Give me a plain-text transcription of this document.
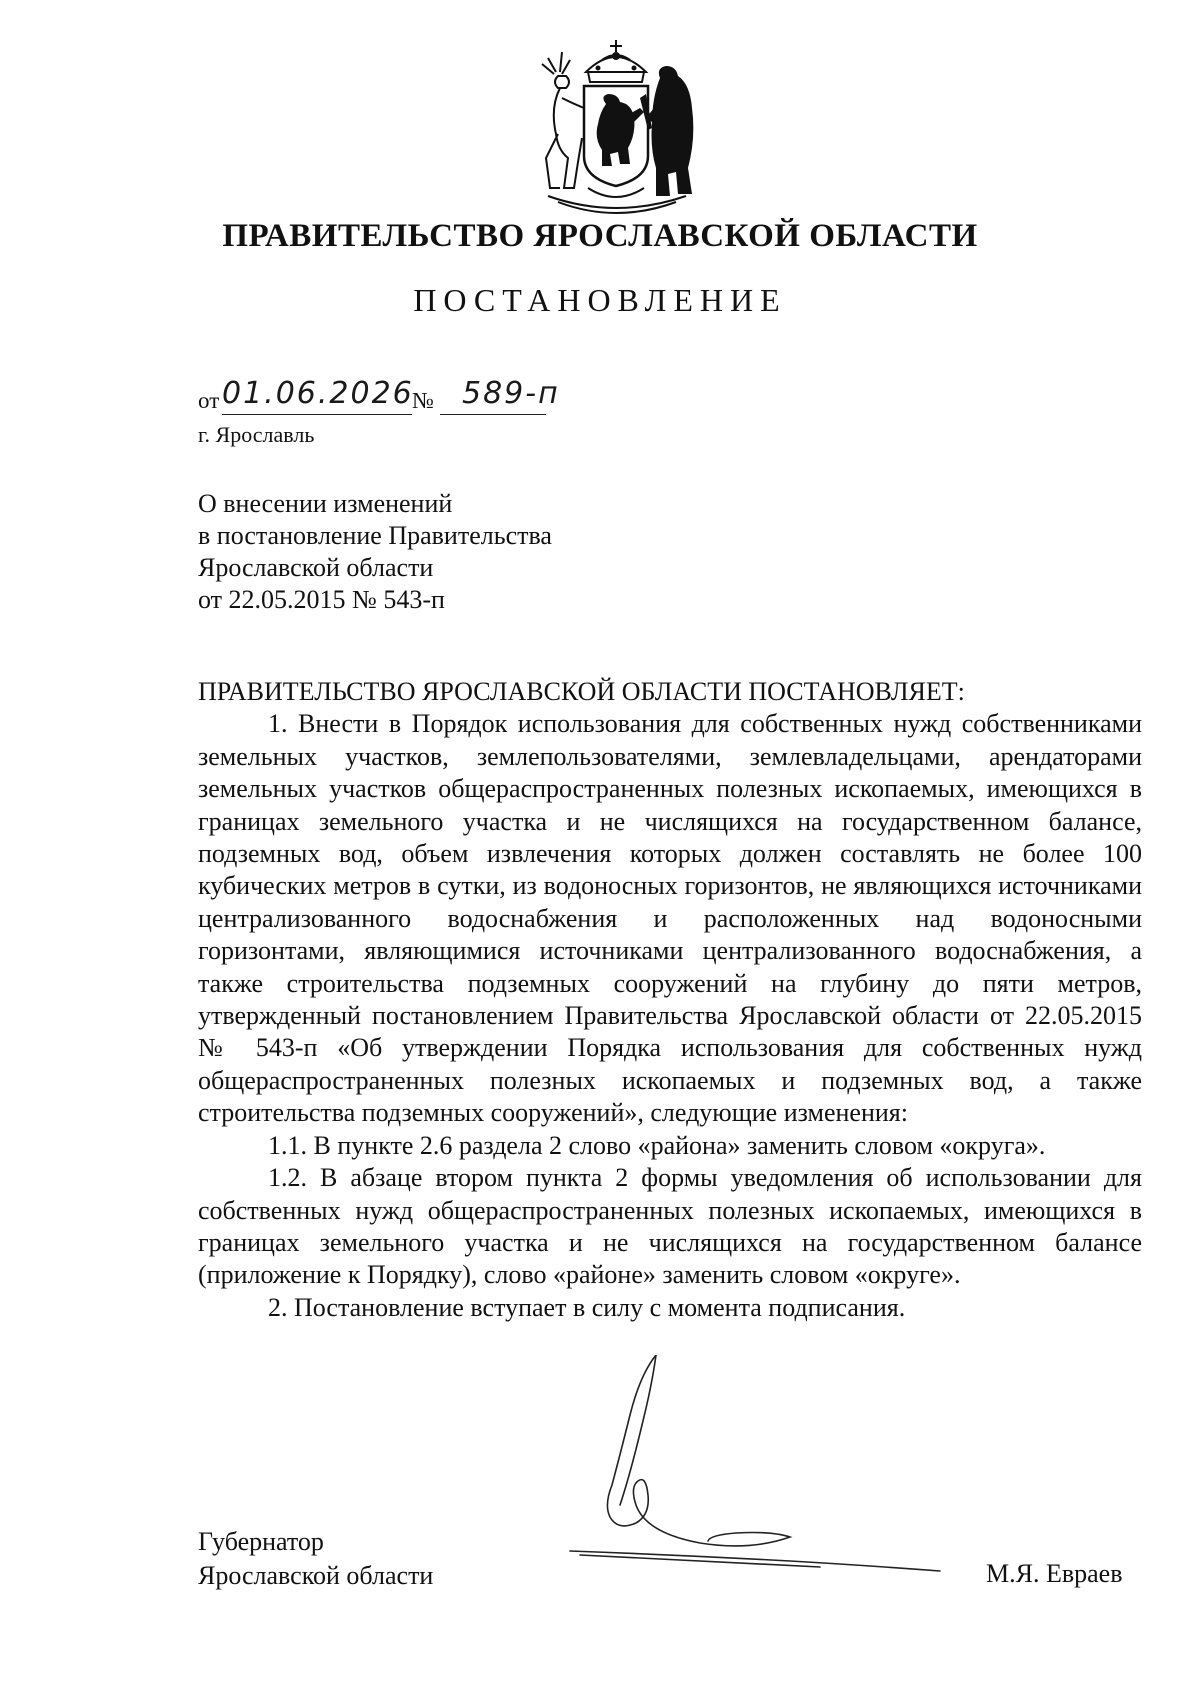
ПРАВИТЕЛЬСТВО ЯРОСЛАВСКОЙ ОБЛАСТИ
ПОСТАНОВЛЕНИЕ
от 01.06.2026
№ 589-п
г. Ярославль
О внесении изменений
в постановление Правительства
Ярославской области
от 22.05.2015 № 543-п

ПРАВИТЕЛЬСТВО ЯРОСЛАВСКОЙ ОБЛАСТИ ПОСТАНОВЛЯЕТ:

1. Внести в Порядок использования для собственных нужд собственниками земельных участков, землепользователями, землевладельцами, арендаторами земельных участков общераспространенных полезных ископаемых, имеющихся в границах земельного участка и не числящихся на государственном балансе, подземных вод, объем извлечения которых должен составлять не более 100 кубических метров в сутки, из водоносных горизонтов, не являющихся источниками централизованного водоснабжения и расположенных над водоносными горизонтами, являющимися источниками централизованного водоснабжения, а также строительства подземных сооружений на глубину до пяти метров, утвержденный постановлением Правительства Ярославской области от 22.05.2015 № 543-п «Об утверждении Порядка использования для собственных нужд общераспространенных полезных ископаемых и подземных вод, а также строительства подземных сооружений», следующие изменения:

1.1. В пункте 2.6 раздела 2 слово «района» заменить словом «округа».

1.2. В абзаце втором пункта 2 формы уведомления об использовании для собственных нужд общераспространенных полезных ископаемых, имеющихся в границах земельного участка и не числящихся на государственном балансе (приложение к Порядку), слово «районе» заменить словом «округе».

2. Постановление вступает в силу с момента подписания.

Губернатор
Ярославской области	М.Я. Евраев
